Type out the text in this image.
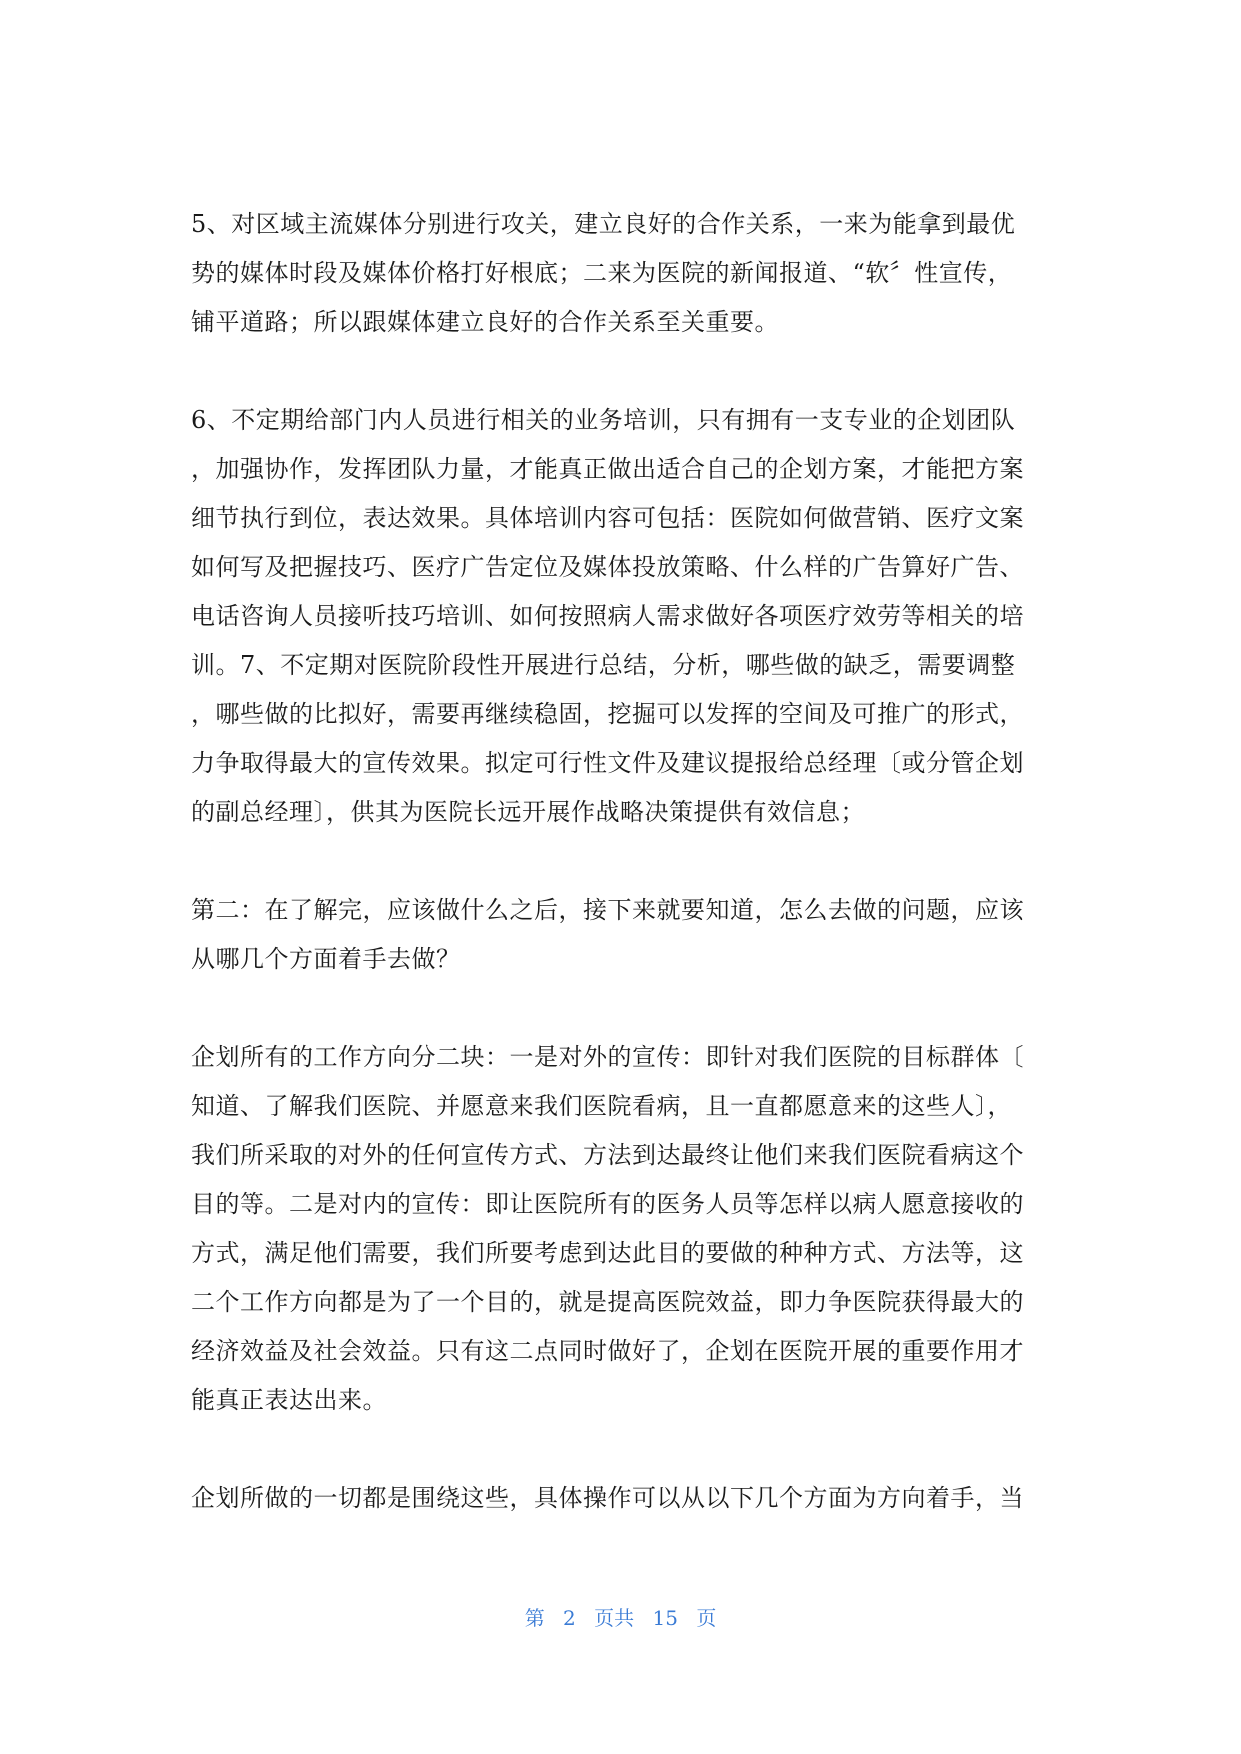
5、对区域主流媒体分别进行攻关，建立良好的合作关系，一来为能拿到最优
势的媒体时段及媒体价格打好根底；二来为医院的新闻报道、“软〞性宣传，
铺平道路；所以跟媒体建立良好的合作关系至关重要。

6、不定期给部门内人员进行相关的业务培训，只有拥有一支专业的企划团队
，加强协作，发挥团队力量，才能真正做出适合自己的企划方案，才能把方案
细节执行到位，表达效果。具体培训内容可包括：医院如何做营销、医疗文案
如何写及把握技巧、医疗广告定位及媒体投放策略、什么样的广告算好广告、
电话咨询人员接听技巧培训、如何按照病人需求做好各项医疗效劳等相关的培
训。7、不定期对医院阶段性开展进行总结，分析，哪些做的缺乏，需要调整
，哪些做的比拟好，需要再继续稳固，挖掘可以发挥的空间及可推广的形式，
力争取得最大的宣传效果。拟定可行性文件及建议提报给总经理〔或分管企划
的副总经理〕，供其为医院长远开展作战略决策提供有效信息；

第二：在了解完，应该做什么之后，接下来就要知道，怎么去做的问题，应该
从哪几个方面着手去做？

企划所有的工作方向分二块：一是对外的宣传：即针对我们医院的目标群体〔
知道、了解我们医院、并愿意来我们医院看病，且一直都愿意来的这些人〕，
我们所采取的对外的任何宣传方式、方法到达最终让他们来我们医院看病这个
目的等。二是对内的宣传：即让医院所有的医务人员等怎样以病人愿意接收的
方式，满足他们需要，我们所要考虑到达此目的要做的种种方式、方法等，这
二个工作方向都是为了一个目的，就是提高医院效益，即力争医院获得最大的
经济效益及社会效益。只有这二点同时做好了，企划在医院开展的重要作用才
能真正表达出来。

企划所做的一切都是围绕这些，具体操作可以从以下几个方面为方向着手，当

第 2 页共 15 页
